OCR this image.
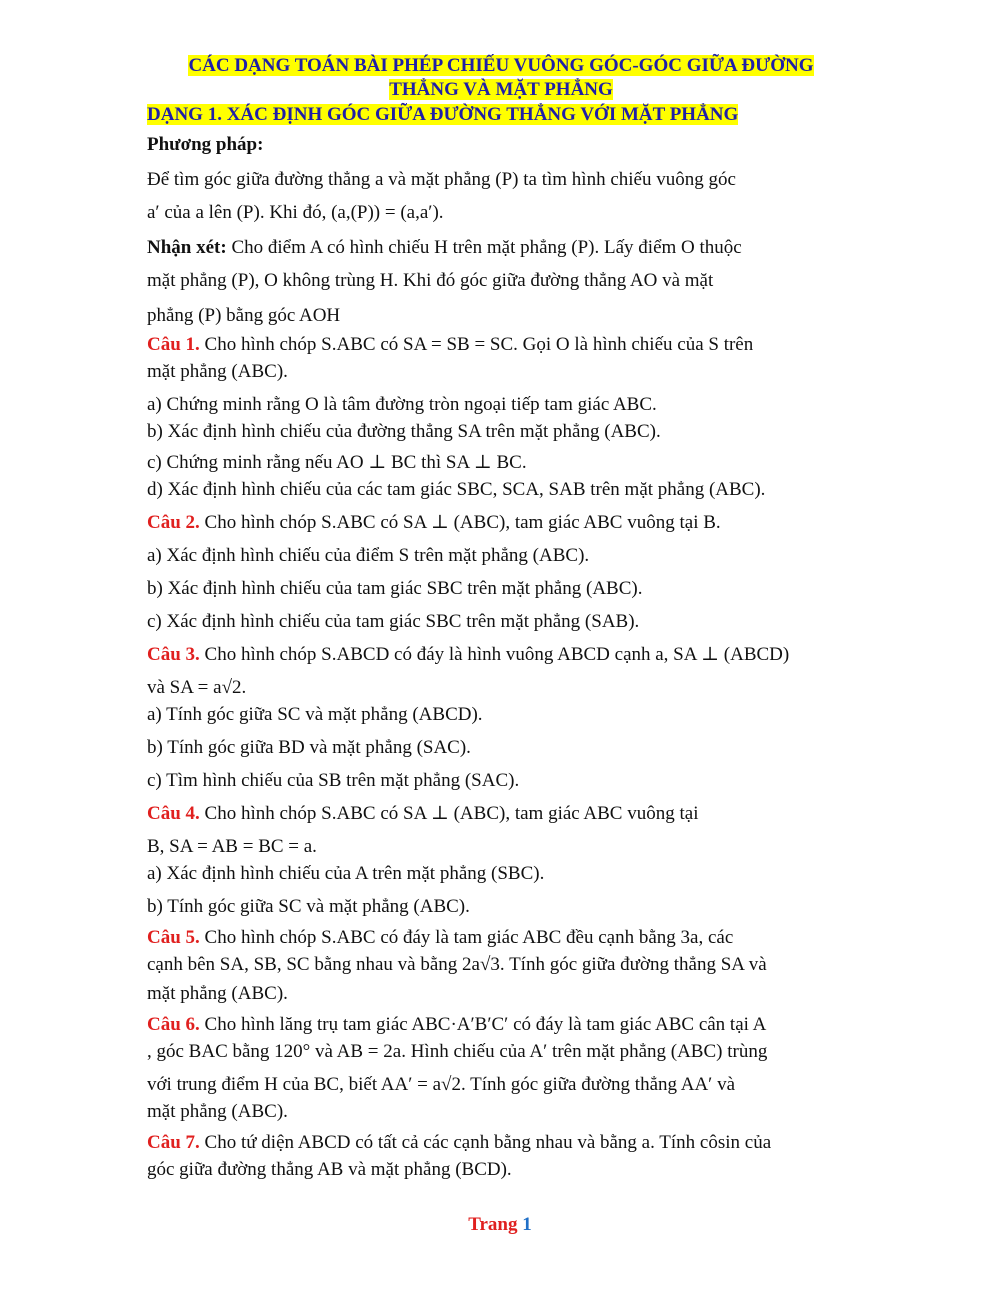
CÁC DẠNG TOÁN BÀI PHÉP CHIẾU VUÔNG GÓC-GÓC GIỮA ĐƯỜNG
THẲNG VÀ MẶT PHẲNG
DẠNG 1. XÁC ĐỊNH GÓC GIỮA ĐƯỜNG THẲNG VỚI MẶT PHẲNG

Phương pháp:

Để tìm góc giữa đường thẳng a và mặt phẳng (P) ta tìm hình chiếu vuông góc

a′ của a lên (P). Khi đó, (a,(P)) = (a,a′).

Nhận xét: Cho điểm A có hình chiếu H trên mặt phẳng (P). Lấy điểm O thuộc

mặt phẳng (P), O không trùng H. Khi đó góc giữa đường thẳng AO và mặt

phẳng (P) bằng góc AOH

Câu 1. Cho hình chóp S.ABC có SA = SB = SC. Gọi O là hình chiếu của S trên

mặt phẳng (ABC).

a) Chứng minh rằng O là tâm đường tròn ngoại tiếp tam giác ABC.

b) Xác định hình chiếu của đường thẳng SA trên mặt phẳng (ABC).

c) Chứng minh rằng nếu AO ⊥ BC thì SA ⊥ BC.

d) Xác định hình chiếu của các tam giác SBC, SCA, SAB trên mặt phẳng (ABC).

Câu 2. Cho hình chóp S.ABC có SA ⊥ (ABC), tam giác ABC vuông tại B.

a) Xác định hình chiếu của điểm S trên mặt phẳng (ABC).

b) Xác định hình chiếu của tam giác SBC trên mặt phẳng (ABC).

c) Xác định hình chiếu của tam giác SBC trên mặt phẳng (SAB).

Câu 3. Cho hình chóp S.ABCD có đáy là hình vuông ABCD cạnh a, SA ⊥ (ABCD)

và SA = a√2.

a) Tính góc giữa SC và mặt phẳng (ABCD).

b) Tính góc giữa BD và mặt phẳng (SAC).

c) Tìm hình chiếu của SB trên mặt phẳng (SAC).

Câu 4. Cho hình chóp S.ABC có SA ⊥ (ABC), tam giác ABC vuông tại

B, SA = AB = BC = a.

a) Xác định hình chiếu của A trên mặt phẳng (SBC).

b) Tính góc giữa SC và mặt phẳng (ABC).

Câu 5. Cho hình chóp S.ABC có đáy là tam giác ABC đều cạnh bằng 3a, các

cạnh bên SA, SB, SC bằng nhau và bằng 2a√3. Tính góc giữa đường thẳng SA và

mặt phẳng (ABC).

Câu 6. Cho hình lăng trụ tam giác ABC·A′B′C′ có đáy là tam giác ABC cân tại A

, góc BAC bằng 120° và AB = 2a. Hình chiếu của A′ trên mặt phẳng (ABC) trùng

với trung điểm H của BC, biết AA′ = a√2. Tính góc giữa đường thẳng AA′ và

mặt phẳng (ABC).

Câu 7. Cho tứ diện ABCD có tất cả các cạnh bằng nhau và bằng a. Tính côsin của

góc giữa đường thẳng AB và mặt phẳng (BCD).

Trang 1
